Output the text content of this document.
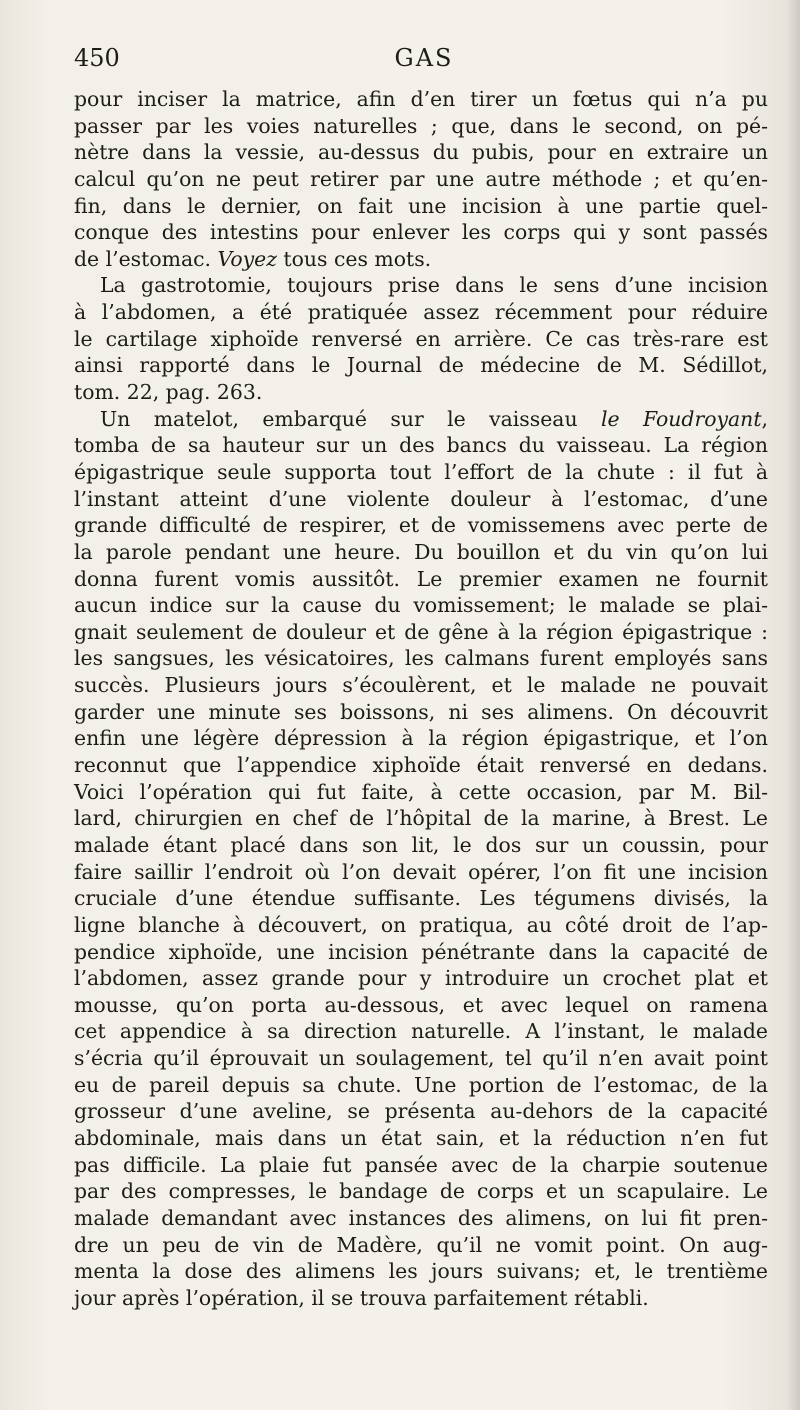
450	GAS
pour inciser la matrice, afin d’en tirer un fœtus qui n’a pu
passer par les voies naturelles ; que, dans le second, on pé-
nètre dans la vessie, au-dessus du pubis, pour en extraire un
calcul qu’on ne peut retirer par une autre méthode ; et qu’en-
fin, dans le dernier, on fait une incision à une partie quel-
conque des intestins pour enlever les corps qui y sont passés
de l’estomac. Voyez tous ces mots.
La gastrotomie, toujours prise dans le sens d’une incision
à l’abdomen, a été pratiquée assez récemment pour réduire
le cartilage xiphoïde renversé en arrière. Ce cas très-rare est
ainsi rapporté dans le Journal de médecine de M. Sédillot,
tom. 22, pag. 263.
Un matelot, embarqué sur le vaisseau le Foudroyant,
tomba de sa hauteur sur un des bancs du vaisseau. La région
épigastrique seule supporta tout l’effort de la chute : il fut à
l’instant atteint d’une violente douleur à l’estomac, d’une
grande difficulté de respirer, et de vomissemens avec perte de
la parole pendant une heure. Du bouillon et du vin qu’on lui
donna furent vomis aussitôt. Le premier examen ne fournit
aucun indice sur la cause du vomissement; le malade se plai-
gnait seulement de douleur et de gêne à la région épigastrique :
les sangsues, les vésicatoires, les calmans furent employés sans
succès. Plusieurs jours s’écoulèrent, et le malade ne pouvait
garder une minute ses boissons, ni ses alimens. On découvrit
enfin une légère dépression à la région épigastrique, et l’on
reconnut que l’appendice xiphoïde était renversé en dedans.
Voici l’opération qui fut faite, à cette occasion, par M. Bil-
lard, chirurgien en chef de l’hôpital de la marine, à Brest. Le
malade étant placé dans son lit, le dos sur un coussin, pour
faire saillir l’endroit où l’on devait opérer, l’on fit une incision
cruciale d’une étendue suffisante. Les tégumens divisés, la
ligne blanche à découvert, on pratiqua, au côté droit de l’ap-
pendice xiphoïde, une incision pénétrante dans la capacité de
l’abdomen, assez grande pour y introduire un crochet plat et
mousse, qu’on porta au-dessous, et avec lequel on ramena
cet appendice à sa direction naturelle. A l’instant, le malade
s’écria qu’il éprouvait un soulagement, tel qu’il n’en avait point
eu de pareil depuis sa chute. Une portion de l’estomac, de la
grosseur d’une aveline, se présenta au-dehors de la capacité
abdominale, mais dans un état sain, et la réduction n’en fut
pas difficile. La plaie fut pansée avec de la charpie soutenue
par des compresses, le bandage de corps et un scapulaire. Le
malade demandant avec instances des alimens, on lui fit pren-
dre un peu de vin de Madère, qu’il ne vomit point. On aug-
menta la dose des alimens les jours suivans; et, le trentième
jour après l’opération, il se trouva parfaitement rétabli.
